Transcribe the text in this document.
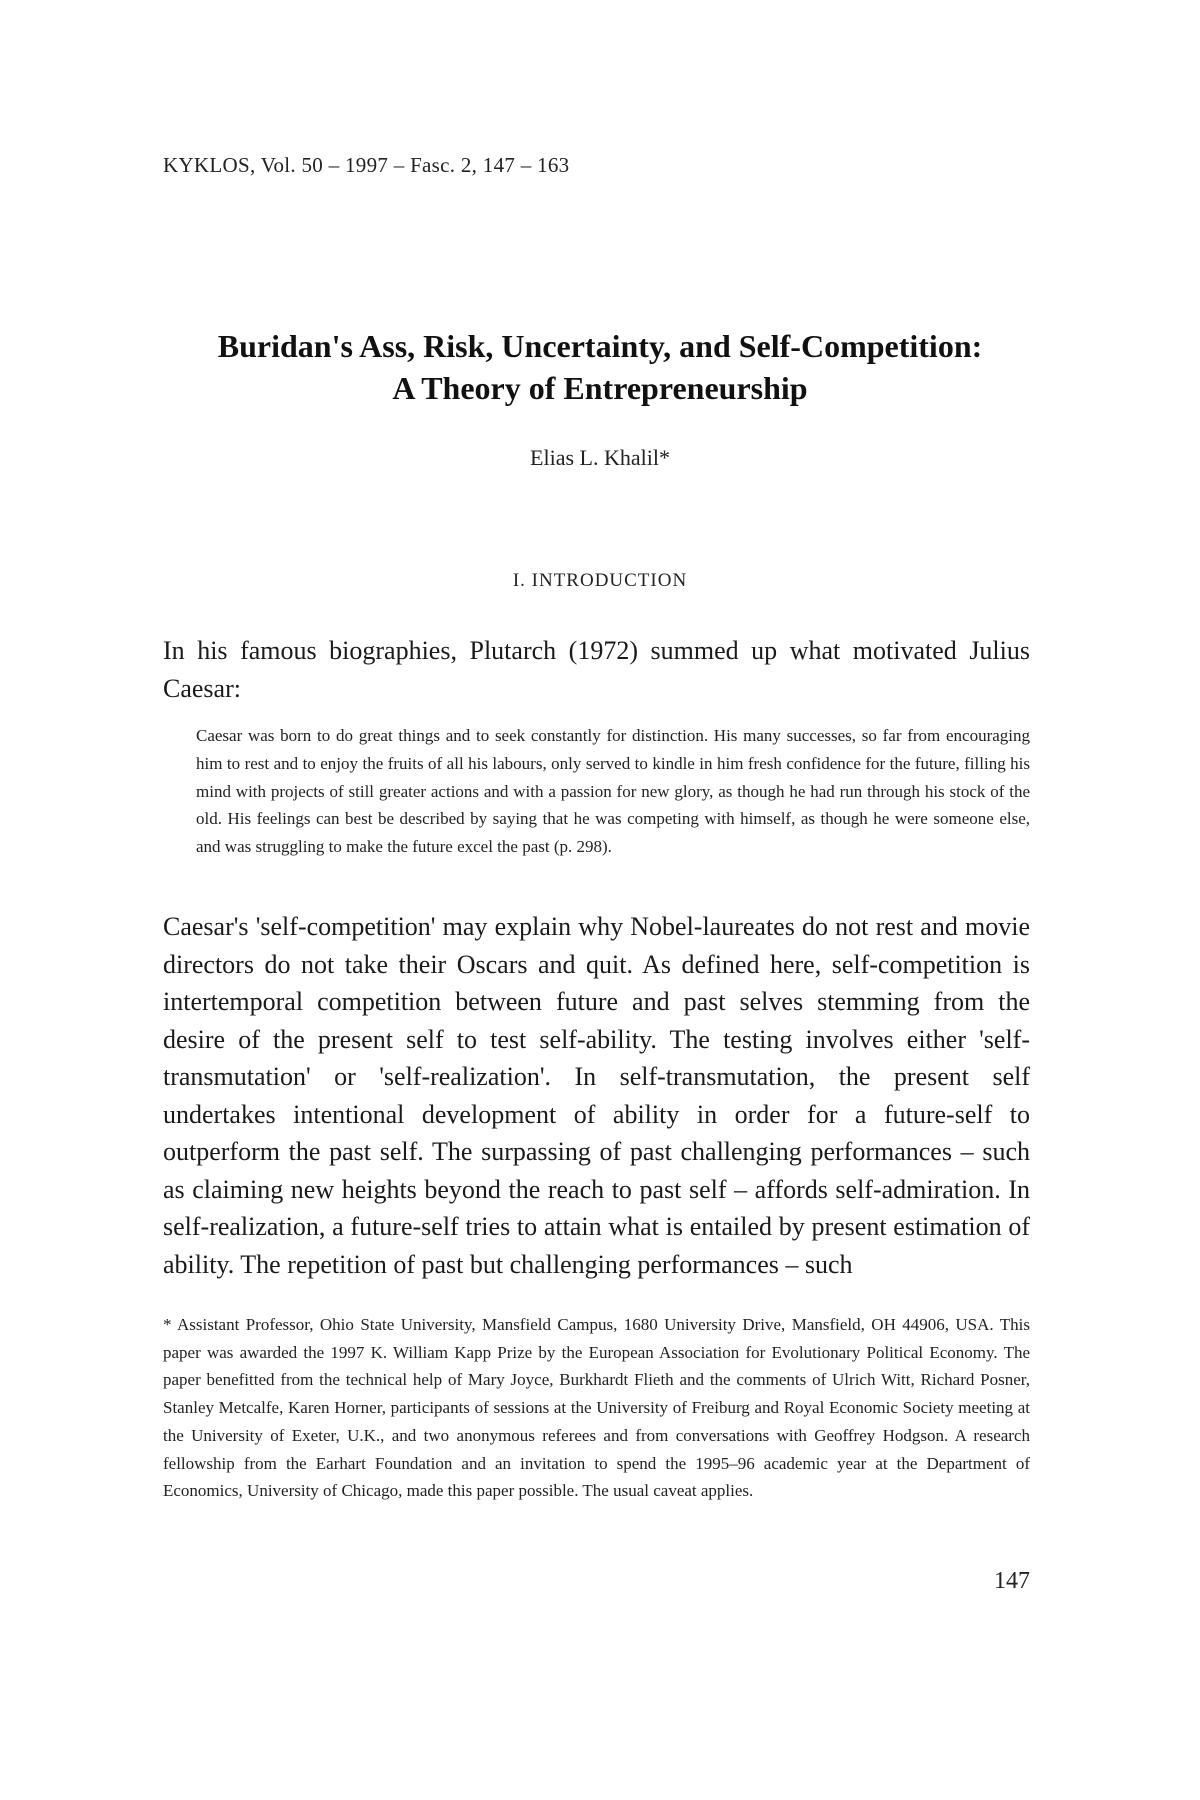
KYKLOS, Vol. 50 – 1997 – Fasc. 2, 147 – 163
Buridan's Ass, Risk, Uncertainty, and Self-Competition:
A Theory of Entrepreneurship
Elias L. Khalil*
I. INTRODUCTION
In his famous biographies, Plutarch (1972) summed up what motivated Julius Caesar:
Caesar was born to do great things and to seek constantly for distinction. His many successes, so far from encouraging him to rest and to enjoy the fruits of all his labours, only served to kindle in him fresh confidence for the future, filling his mind with projects of still greater actions and with a passion for new glory, as though he had run through his stock of the old. His feelings can best be described by saying that he was competing with himself, as though he were someone else, and was struggling to make the future excel the past (p. 298).
Caesar's 'self-competition' may explain why Nobel-laureates do not rest and movie directors do not take their Oscars and quit. As defined here, self-competition is intertemporal competition between future and past selves stemming from the desire of the present self to test self-ability. The testing involves either 'self-transmutation' or 'self-realization'. In self-transmutation, the present self undertakes intentional development of ability in order for a future-self to outperform the past self. The surpassing of past challenging performances – such as claiming new heights beyond the reach to past self – affords self-admiration. In self-realization, a future-self tries to attain what is entailed by present estimation of ability. The repetition of past but challenging performances – such
* Assistant Professor, Ohio State University, Mansfield Campus, 1680 University Drive, Mansfield, OH 44906, USA. This paper was awarded the 1997 K. William Kapp Prize by the European Association for Evolutionary Political Economy. The paper benefitted from the technical help of Mary Joyce, Burkhardt Flieth and the comments of Ulrich Witt, Richard Posner, Stanley Metcalfe, Karen Horner, participants of sessions at the University of Freiburg and Royal Economic Society meeting at the University of Exeter, U.K., and two anonymous referees and from conversations with Geoffrey Hodgson. A research fellowship from the Earhart Foundation and an invitation to spend the 1995–96 academic year at the Department of Economics, University of Chicago, made this paper possible. The usual caveat applies.
147
